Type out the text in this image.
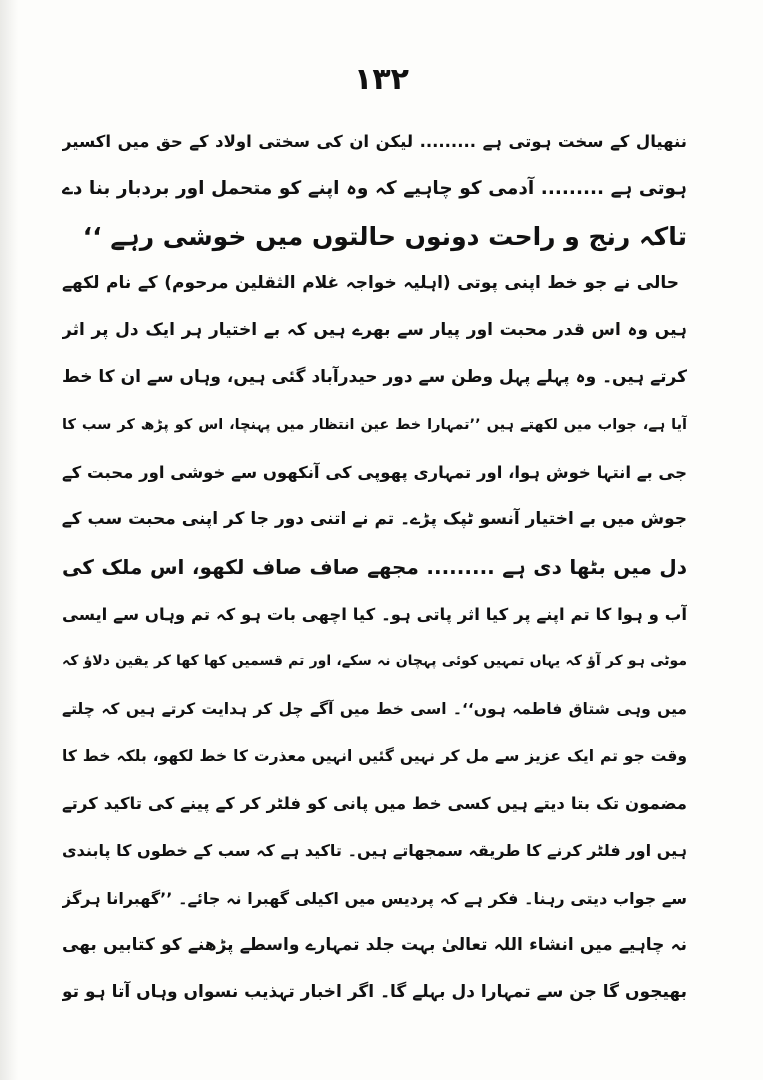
۱۳۲
ننھیال کے سخت ہوتی ہے ......... لیکن ان کی سختی اولاد کے حق میں اکسیر
ہوتی ہے ......... آدمی کو چاہیے کہ وہ اپنے کو متحمل اور بردبار بنا دے
تاکہ رنج و راحت دونوں حالتوں میں خوشی رہے ‘‘
حالی نے جو خط اپنی پوتی (اہلیہ خواجہ غلام الثقلین مرحوم) کے نام لکھے
ہیں وہ اس قدر محبت اور پیار سے بھرے ہیں کہ بے اختیار ہر ایک دل پر اثر
کرتے ہیں۔ وہ پہلے پہل وطن سے دور حیدرآباد گئی ہیں، وہاں سے ان کا خط
آیا ہے، جواب میں لکھتے ہیں ’’تمہارا خط عین انتظار میں پہنچا، اس کو پڑھ کر سب کا
جی بے انتہا خوش ہوا، اور تمہاری پھوپی کی آنکھوں سے خوشی اور محبت کے
جوش میں بے اختیار آنسو ٹپک پڑے۔ تم نے اتنی دور جا کر اپنی محبت سب کے
دل میں بٹھا دی ہے ......... مجھے صاف صاف لکھو، اس ملک کی
آب و ہوا کا تم اپنے پر کیا اثر پاتی ہو۔ کیا اچھی بات ہو کہ تم وہاں سے ایسی
موٹی ہو کر آؤ کہ یہاں تمہیں کوئی پہچان نہ سکے، اور تم قسمیں کھا کھا کر یقین دلاؤ کہ
میں وہی شتاق فاطمہ ہوں‘‘۔ اسی خط میں آگے چل کر ہدایت کرتے ہیں کہ چلتے
وقت جو تم ایک عزیز سے مل کر نہیں گئیں انہیں معذرت کا خط لکھو، بلکہ خط کا
مضمون تک بتا دیتے ہیں کسی خط میں پانی کو فلٹر کر کے پینے کی تاکید کرتے
ہیں اور فلٹر کرنے کا طریقہ سمجھاتے ہیں۔ تاکید ہے کہ سب کے خطوں کا پابندی
سے جواب دیتی رہنا۔ فکر ہے کہ پردیس میں اکیلی گھبرا نہ جائے۔ ’’گھبرانا ہرگز
نہ چاہیے میں انشاء اللہ تعالیٰ بہت جلد تمہارے واسطے پڑھنے کو کتابیں بھی
بھیجوں گا جن سے تمہارا دل بہلے گا۔ اگر اخبار تہذیب نسواں وہاں آتا ہو تو
